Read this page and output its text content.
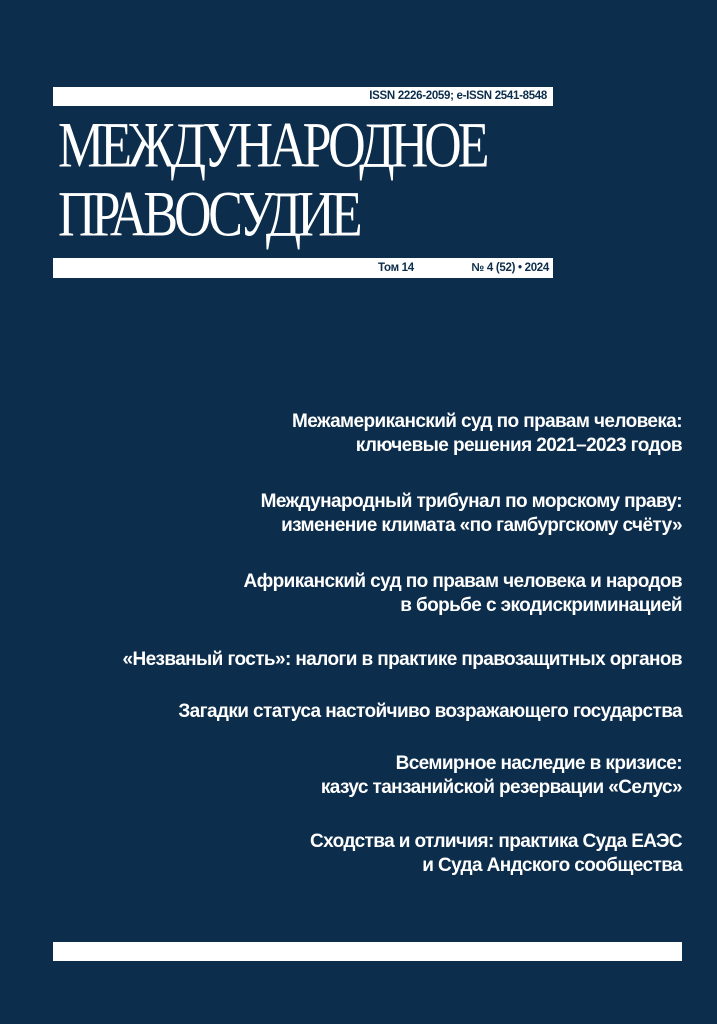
ISSN 2226-2059; e-ISSN 2541-8548
МЕЖДУНАРОДНОЕ
ПРАВОСУДИЕ
Том 14	№ 4 (52) • 2024
Межамериканский суд по правам человека:
ключевые решения 2021–2023 годов
Международный трибунал по морскому праву:
изменение климата «по гамбургскому счёту»
Африканский суд по правам человека и народов
в борьбе с экодискриминацией
«Незваный гость»: налоги в практике правозащитных органов
Загадки статуса настойчиво возражающего государства
Всемирное наследие в кризисе:
казус танзанийской резервации «Селус»
Сходства и отличия: практика Суда ЕАЭС
и Суда Андского сообщества
